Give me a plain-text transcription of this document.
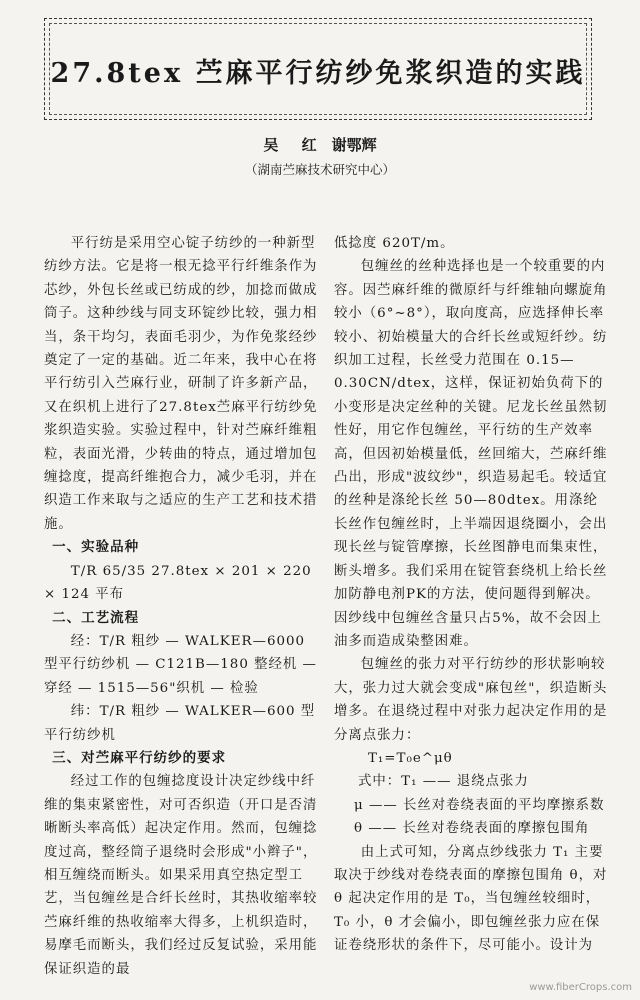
27.8tex 苎麻平行纺纱免浆织造的实践
吴 红　谢鄂辉
（湖南苎麻技术研究中心）

平行纺是采用空心锭子纺纱的一种新型纺纱方法。它是将一根无捻平行纤维条作为芯纱，外包长丝或已纺成的纱，加捻而做成筒子。这种纱线与同支环锭纱比较，强力相当，条干均匀，表面毛羽少，为作免浆经纱奠定了一定的基础。近二年来，我中心在将平行纺引入苎麻行业，研制了许多新产品，又在织机上进行了27.8tex苎麻平行纺纱免浆织造实验。实验过程中，针对苎麻纤维粗粒，表面光滑，少转曲的特点，通过增加包缠捻度，提高纤维抱合力，减少毛羽，并在织造工作来取与之适应的生产工艺和技术措施。

一、实验品种

T/R 65/35 27.8tex × 201 × 220 × 124 平布

二、工艺流程

经：T/R 粗纱 — WALKER—6000 型平行纺纱机 — C121B—180 整经机 — 穿经 — 1515—56"织机 — 检验

纬：T/R 粗纱 — WALKER—600 型平行纺纱机

三、对苎麻平行纺纱的要求

经过工作的包缠捻度设计决定纱线中纤维的集束紧密性，对可否织造（开口是否清晰断头率高低）起决定作用。然而，包缠捻度过高，整经筒子退绕时会形成"小辫子"，相互缠绕而断头。如果采用真空热定型工艺，当包缠丝是合纤长丝时，其热收缩率较苎麻纤维的热收缩率大得多，上机织造时，易摩毛而断头，我们经过反复试验，采用能保证织造的最

低捻度 620T/m。

包缠丝的丝种选择也是一个较重要的内容。因苎麻纤维的微原纤与纤维轴向螺旋角较小（6°~8°），取向度高，应选择伸长率较小、初始模量大的合纤长丝或短纤纱。纺织加工过程，长丝受力范围在 0.15—0.30CN/dtex，这样，保证初始负荷下的小变形是决定丝种的关键。尼龙长丝虽然韧性好，用它作包缠丝，平行纺的生产效率高，但因初始模量低，丝回缩大，苎麻纤维凸出，形成"波纹纱"，织造易起毛。较适宜的丝种是涤纶长丝 50—80dtex。用涤纶长丝作包缠丝时，上半端因退绕圈小，会出现长丝与锭管摩擦，长丝图静电而集束性，断头增多。我们采用在锭管套绕机上给长丝加防静电剂PK的方法，使问题得到解决。因纱线中包缠丝含量只占5%，故不会因上油多而造成染整困难。

包缠丝的张力对平行纺纱的形状影响较大，张力过大就会变成"麻包丝"，织造断头增多。在退绕过程中对张力起决定作用的是分离点张力：

T₁=T₀e^μθ

式中：T₁ —— 退绕点张力

μ —— 长丝对卷绕表面的平均摩擦系数

θ —— 长丝对卷绕表面的摩擦包围角

由上式可知，分离点纱线张力 T₁ 主要取决于纱线对卷绕表面的摩擦包围角 θ，对 θ 起决定作用的是 T₀，当包缠丝较细时，T₀ 小，θ 才会偏小，即包缠丝张力应在保证卷绕形状的条件下，尽可能小。设计为

www.fiberCrops.com
